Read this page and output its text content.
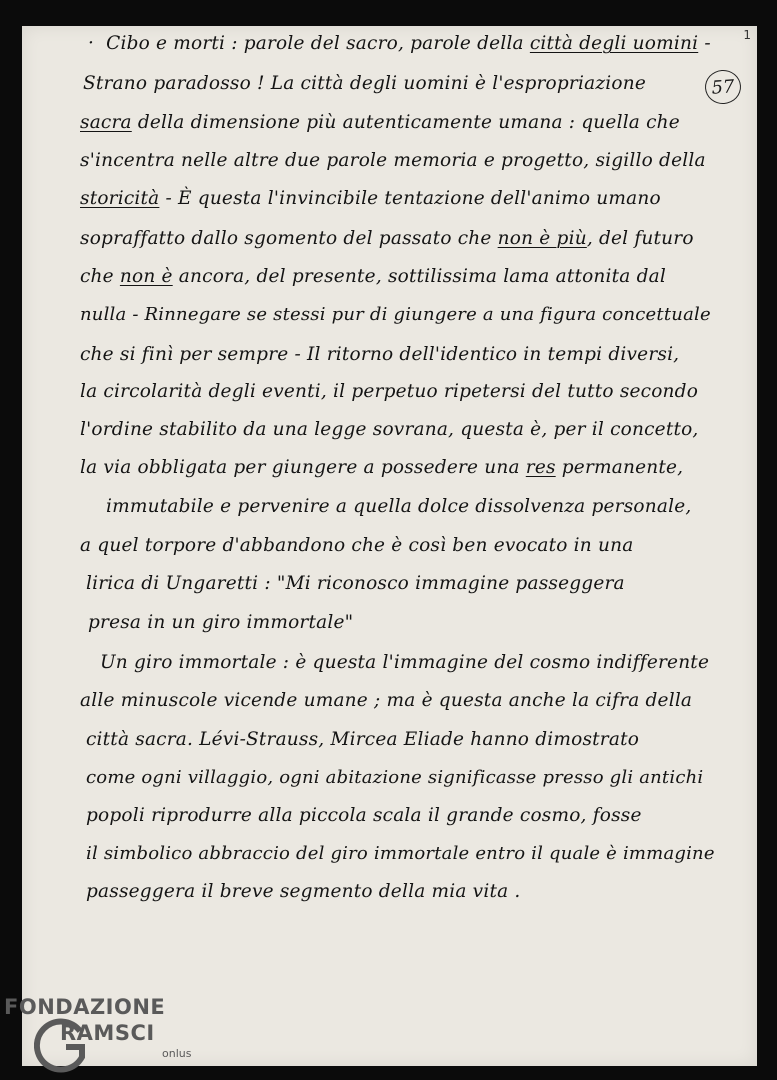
1
57
· Cibo e morti : parole del sacro, parole della città degli uomini -
Strano paradosso ! La città degli uomini è l'espropriazione
sacra della dimensione più autenticamente umana : quella che
s'incentra nelle altre due parole memoria e progetto, sigillo della
storicità - È questa l'invincibile tentazione dell'animo umano
sopraffatto dallo sgomento del passato che non è più, del futuro
che non è ancora, del presente, sottilissima lama attonita dal
nulla - Rinnegare se stessi pur di giungere a una figura concettuale
che si finì per sempre - Il ritorno dell'identico in tempi diversi,
la circolarità degli eventi, il perpetuo ripetersi del tutto secondo
l'ordine stabilito da una legge sovrana, questa è, per il concetto,
la via obbligata per giungere a possedere una res permanente,
immutabile e pervenire a quella dolce dissolvenza personale,
a quel torpore d'abbandono che è così ben evocato in una
lirica di Ungaretti : "Mi riconosco immagine passeggera
presa in un giro immortale"
Un giro immortale : è questa l'immagine del cosmo indifferente
alle minuscole vicende umane ; ma è questa anche la cifra della
città sacra. Lévi-Strauss, Mircea Eliade hanno dimostrato
come ogni villaggio, ogni abitazione significasse presso gli antichi
popoli riprodurre alla piccola scala il grande cosmo, fosse
il simbolico abbraccio del giro immortale entro il quale è immagine
passeggera il breve segmento della mia vita .
FONDAZIONE
RAMSCI
onlus
